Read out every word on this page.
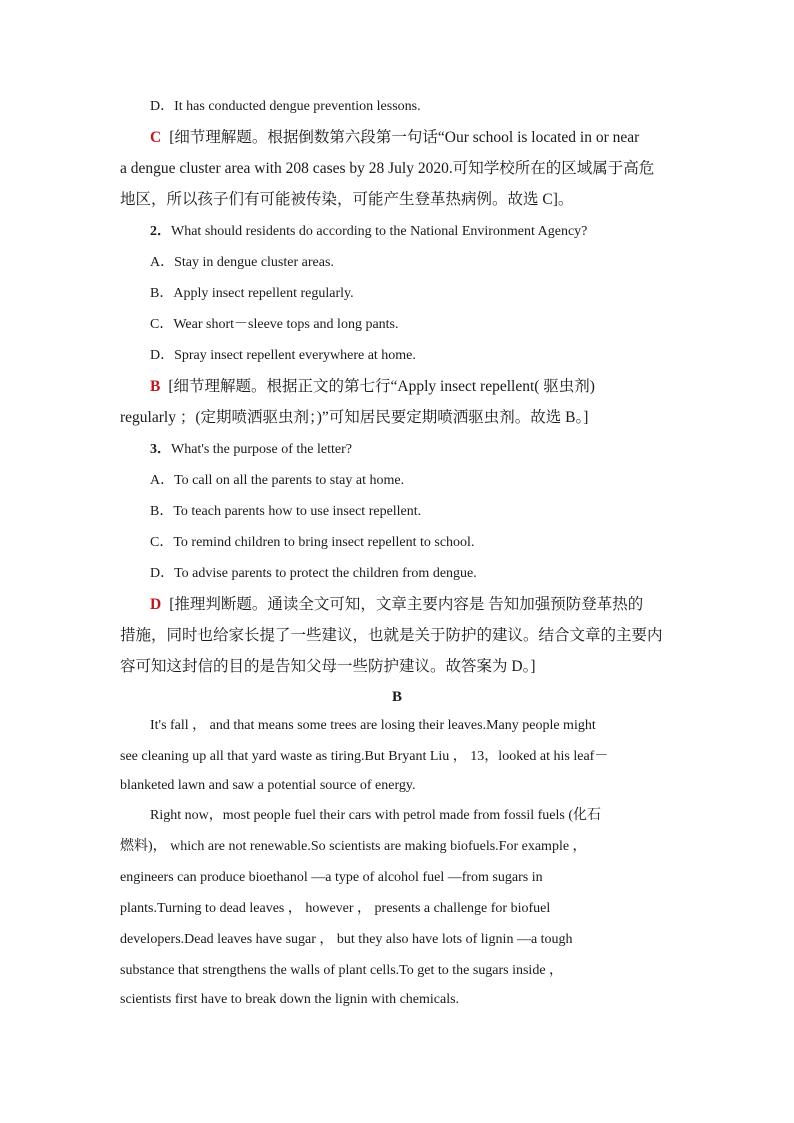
D．It has conducted dengue prevention lessons.
C [细节理解题。根据倒数第六段第一句话“Our school is located in or near
a dengue cluster area with 208 cases by 28 July 2020.可知学校所在的区域属于高危
地区，所以孩子们有可能被传染，可能产生登革热病例。故选 C]。
2．What should residents do according to the National Environment Agency?
A．Stay in dengue cluster areas.
B．Apply insect repellent regularly.
C．Wear short－sleeve tops and long pants.
D．Spray insect repellent everywhere at home.
B [细节理解题。根据正文的第七行“Apply insect repellent( 驱虫剂)
regularly ；(定期喷洒驱虫剂；)”可知居民要定期喷洒驱虫剂。故选 B。]
3．What's the purpose of the letter?
A．To call on all the parents to stay at home.
B．To teach parents how to use insect repellent.
C．To remind children to bring insect repellent to school.
D．To advise parents to protect the children from dengue.
D [推理判断题。通读全文可知，文章主要内容是 告知加强预防登革热的
措施，同时也给家长提了一些建议，也就是关于防护的建议。结合文章的主要内
容可知这封信的目的是告知父母一些防护建议。故答案为 D。]
B
It's fall ， and that means some trees are losing their leaves.Many people might
see cleaning up all that yard waste as tiring.But Bryant Liu ， 13，looked at his leaf－
blanketed lawn and saw a potential source of energy.
Right now，most people fuel their cars with petrol made from fossil fuels (化石
燃料)， which are not renewable.So scientists are making biofuels.For example ，
engineers can produce bioethanol —a type of alcohol fuel —from sugars in
plants.Turning to dead leaves ， however ， presents a challenge for biofuel
developers.Dead leaves have sugar ， but they also have lots of lignin —a tough
substance that strengthens the walls of plant cells.To get to the sugars inside ，
scientists first have to break down the lignin with chemicals.
